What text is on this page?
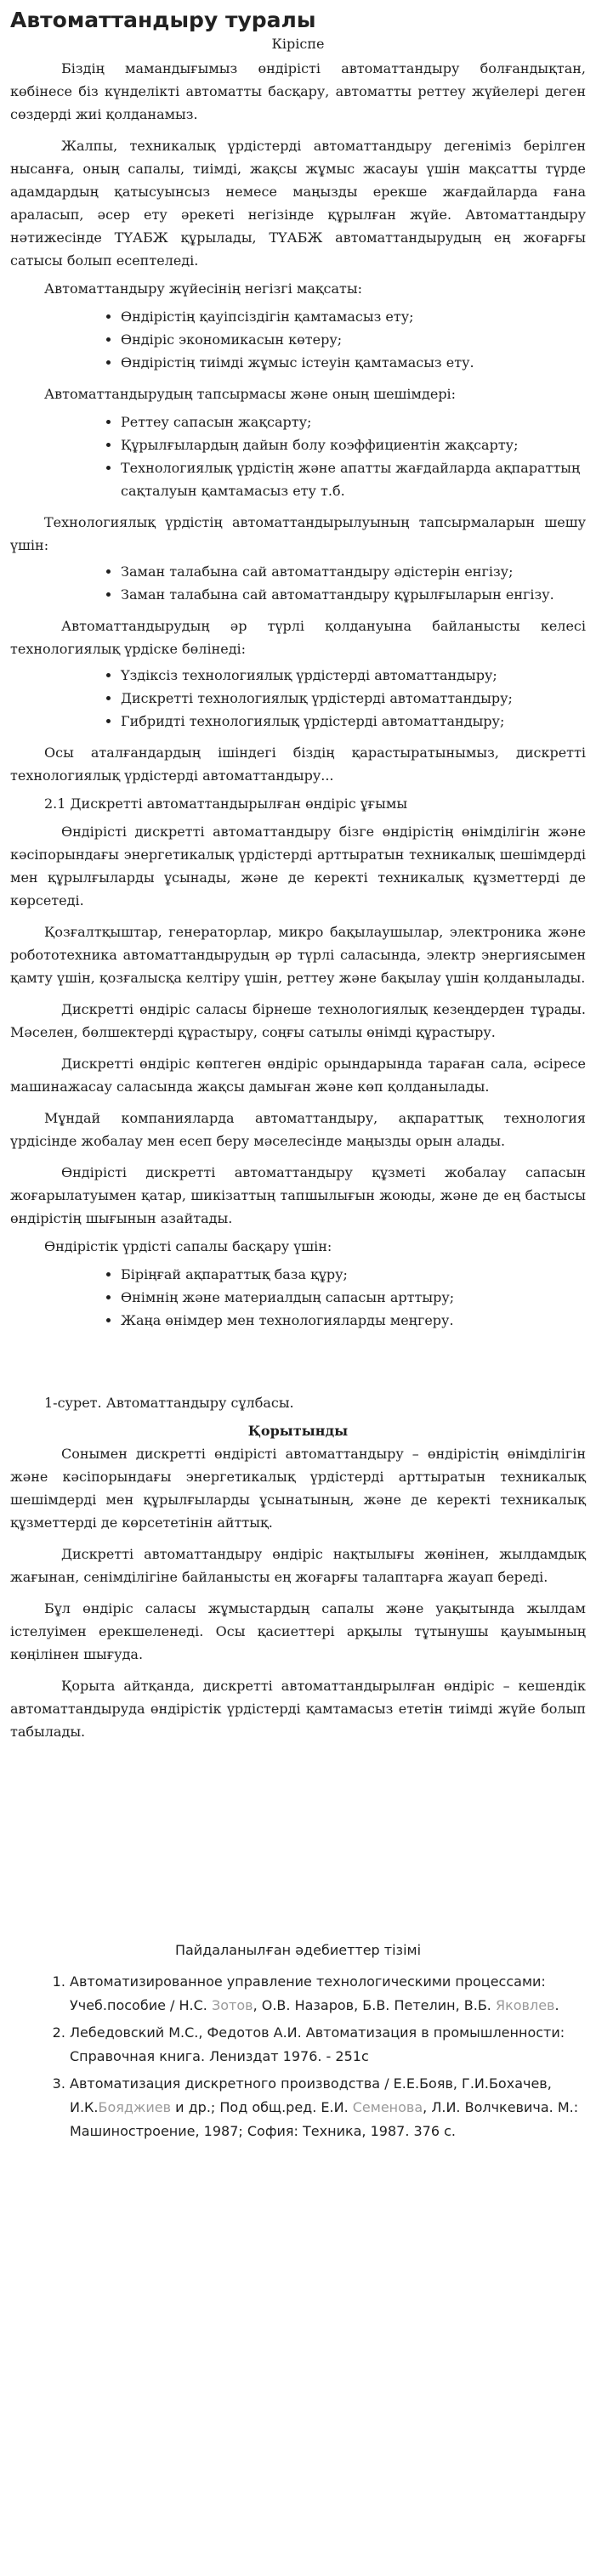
Автоматтандыру туралы
Кіріспе

Біздің мамандығымыз өндірісті автоматтандыру болғандықтан, көбінесе біз күнделікті автоматты басқару, автоматты реттеу жүйелері деген сөздерді жиі қолданамыз.

Жалпы, техникалық үрдістерді автоматтандыру дегеніміз берілген нысанға, оның сапалы, тиімді, жақсы жұмыс жасауы үшін мақсатты түрде адамдардың қатысуынсыз немесе маңызды ерекше жағдайларда ғана араласып, әсер ету әрекеті негізінде құрылған жүйе. Автоматтандыру нәтижесінде ТҮАБЖ құрылады, ТҮАБЖ автоматтандырудың ең жоғарғы сатысы болып есептеледі.

Автоматтандыру жүйесінің негізгі мақсаты:
• Өндірістің қауіпсіздігін қамтамасыз ету;
• Өндіріс экономикасын көтеру;
• Өндірістің тиімді жұмыс істеуін қамтамасыз ету.
Автоматтандырудың тапсырмасы және оның шешімдері:
• Реттеу сапасын жақсарту;
• Құрылғылардың дайын болу коэффициентін жақсарту;
• Технологиялық үрдістің және апатты жағдайларда ақпараттың сақталуын қамтамасыз ету т.б.

Технологиялық үрдістің автоматтандырылуының тапсырмаларын шешу үшін:

• Заман талабына сай автоматтандыру әдістерін енгізу;
• Заман талабына сай автоматтандыру құрылғыларын енгізу.

Автоматтандырудың әр түрлі қолдануына байланысты келесі технологиялық үрдіске бөлінеді:

• Үздіксіз технологиялық үрдістерді автоматтандыру;
• Дискретті технологиялық үрдістерді автоматтандыру;
• Гибридті технологиялық үрдістерді автоматтандыру;

Осы аталғандардың ішіндегі біздің қарастыратынымыз, дискретті технологиялық үрдістерді автоматтандыру...

2.1 Дискретті автоматтандырылған өндіріс ұғымы

Өндірісті дискретті автоматтандыру бізге өндірістің өнімділігін және кәсіпорындағы энергетикалық үрдістерді арттыратын техникалық шешімдерді мен құрылғыларды ұсынады, және де керекті техникалық құзметтерді де көрсетеді.

Қозғалтқыштар, генераторлар, микро бақылаушылар, электроника және робототехника автоматтандырудың әр түрлі саласында, электр энергиясымен қамту үшін, қозғалысқа келтіру үшін, реттеу және бақылау үшін қолданылады.

Дискретті өндіріс саласы бірнеше технологиялық кезеңдерден тұрады. Мәселен, бөлшектерді құрастыру, соңғы сатылы өнімді құрастыру.

Дискретті өндіріс көптеген өндіріс орындарында тараған сала, әсіресе машинажасау саласында жақсы дамыған және көп қолданылады.

Мұндай компанияларда автоматтандыру, ақпараттық технология үрдісіндe жобалау мен есеп беру мәселесінде маңызды орын алады.

Өндірісті дискретті автоматтандыру құзметі жобалау сапасын жоғарылатуымен қатар, шикізаттың тапшылығын жоюды, және де ең бастысы өндірістің шығынын азайтады.

Өндірістік үрдісті сапалы басқару үшін:
• Біріңғай ақпараттық база құру;
• Өнімнің және материалдың сапасын арттыру;
• Жаңа өнімдер мен технологияларды меңгеру.
1-сурет. Автоматтандыру сұлбасы.
Қорытынды

Сонымен дискретті өндірісті автоматтандыру – өндірістің өнімділігін және кәсіпорындағы энергетикалық үрдістерді арттыратын техникалық шешімдерді мен құрылғыларды ұсынатының, және де керекті техникалық құзметтерді де көрсететінін айттық.

Дискретті автоматтандыру өндіріс нақтылығы жөнінен, жылдамдық жағынан, сенімділігіне байланысты ең жоғарғы талаптарға жауап береді.

Бұл өндіріс саласы жұмыстардың сапалы және уақытында жылдам істелуімен ерекшеленеді. Осы қасиеттері арқылы тұтынушы қауымының көңілінен шығуда.

Қорыта айтқанда, дискретті автоматтандырылған өндіріс – кешендік автоматтандыруда өндірістік үрдістерді қамтамасыз ететін тиімді жүйе болып табылады.

Пайдаланылған әдебиеттер тізімі
1. Автоматизированное управление технологическими процессами: Учеб.пособие / Н.С. Зотов, О.В. Назаров, Б.В. Петелин, В.Б. Яковлев.
2. Лебедовский М.С., Федотов А.И. Автоматизация в промышленности: Справочная книга. Лениздат 1976. - 251с
3. Автоматизация дискретного производства / Е.Е.Бояв, Г.И.Бохачев, И.К.Бояджиев и др.; Под общ.ред. Е.И. Семенова, Л.И. Волчкевича. М.: Машиностроение, 1987; София: Техника, 1987. 376 с.
